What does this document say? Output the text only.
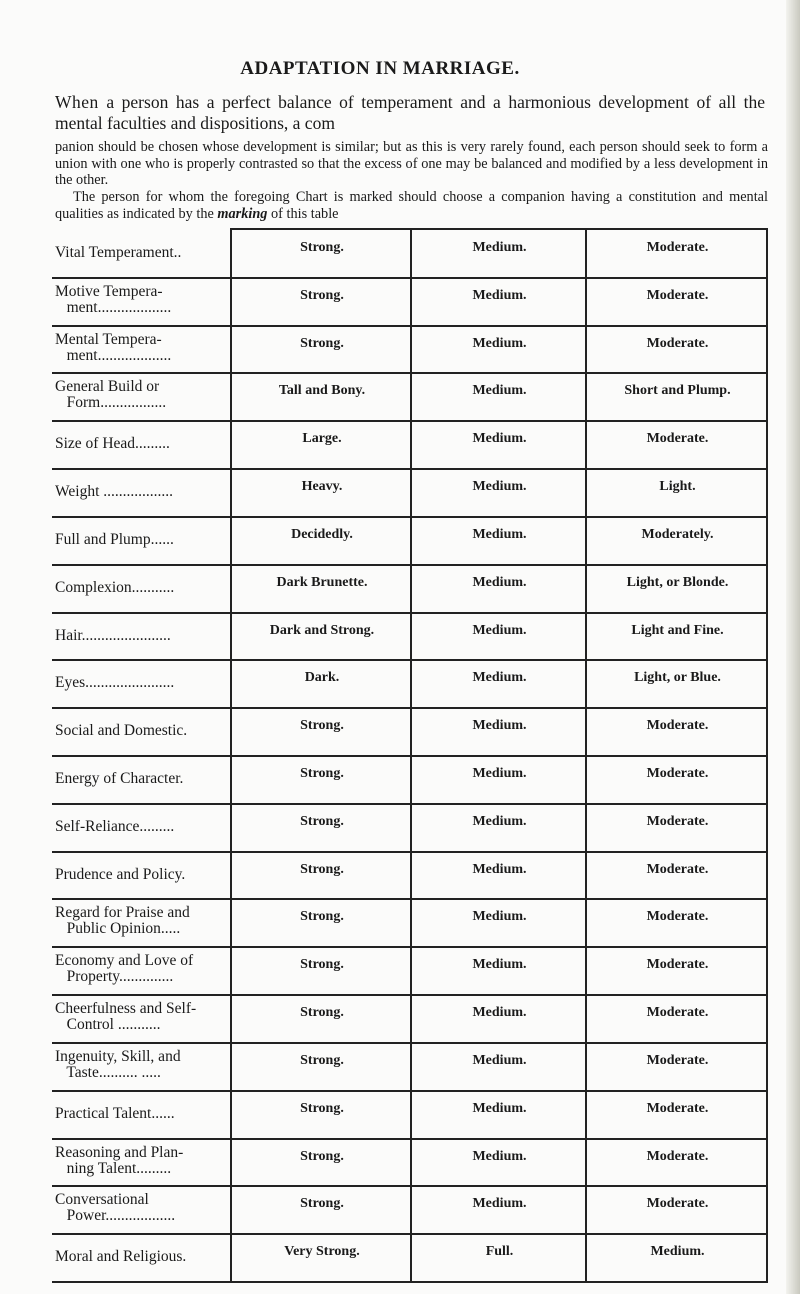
ADAPTATION IN MARRIAGE.

When a person has a perfect balance of temperament and a harmonious development of all the mental faculties and dispositions, a com

panion should be chosen whose development is similar; but as this is very rarely found, each person should seek to form a union with one who is properly contrasted so that the excess of one may be balanced and modified by a less development in the other.

The person for whom the foregoing Chart is marked should choose a companion having a constitution and mental qualities as indicated by the marking of this table

Vital Temperament..	Strong.	Medium.	Moderate.
Motive Tempera-
ment...................
Strong.	Medium.	Moderate.
Mental Tempera-
ment...................
Strong.	Medium.	Moderate.
General Build or
Form.................
Tall and Bony.	Medium.	Short and Plump.
Size of Head.........	Large.	Medium.	Moderate.
Weight ..................	Heavy.	Medium.	Light.
Full and Plump......	Decidedly.	Medium.	Moderately.
Complexion...........	Dark Brunette.	Medium.	Light, or Blonde.
Hair.......................	Dark and Strong.	Medium.	Light and Fine.
Eyes.......................	Dark.	Medium.	Light, or Blue.
Social and Domestic.	Strong.	Medium.	Moderate.
Energy of Character.	Strong.	Medium.	Moderate.
Self-Reliance.........	Strong.	Medium.	Moderate.
Prudence and Policy.	Strong.	Medium.	Moderate.
Regard for Praise and
Public Opinion.....
Strong.	Medium.	Moderate.
Economy and Love of
Property..............
Strong.	Medium.	Moderate.
Cheerfulness and Self-
Control ...........
Strong.	Medium.	Moderate.
Ingenuity, Skill, and
Taste.......... .....
Strong.	Medium.	Moderate.
Practical Talent......	Strong.	Medium.	Moderate.
Reasoning and Plan-
ning Talent.........
Strong.	Medium.	Moderate.
Conversational
Power..................
Strong.	Medium.	Moderate.
Moral and Religious.	Very Strong.	Full.	Medium.
